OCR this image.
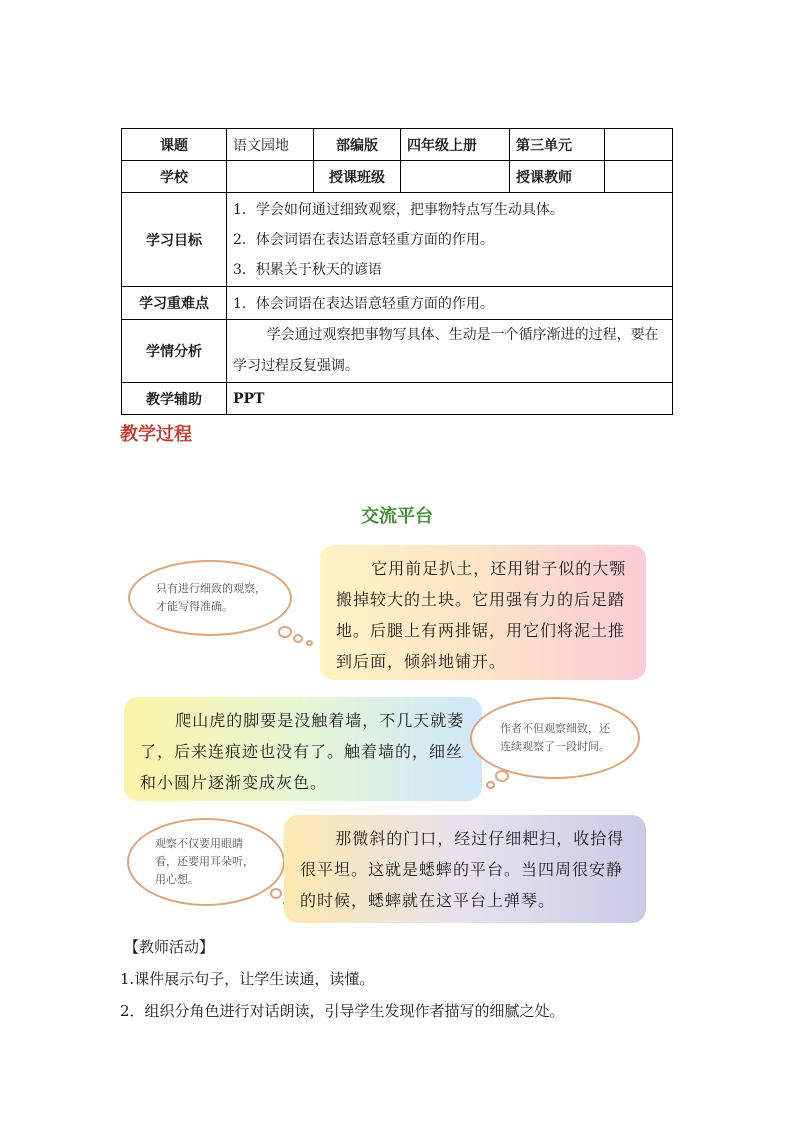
课题	语文园地	部编版	四年级上册	第三单元	
学校		授课班级		授课教师	
学习目标	1．学会如何通过细致观察，把事物特点写生动具体。
2．体会词语在表达语意轻重方面的作用。
3．积累关于秋天的谚语				

学习重难点	1．体会词语在表达语意轻重方面的作用。				
学情分析	学会通过观察把事物写具体、生动是一个循序渐进的过程，要在学习过程反复强调。				
教学辅助	PPT				
教学过程
交流平台
只有进行细致的观察，才能写得准确。

它用前足扒土，还用钳子似的大颚搬掉较大的土块。它用强有力的后足踏地。后腿上有两排锯，用它们将泥土推到后面，倾斜地铺开。

爬山虎的脚要是没触着墙，不几天就萎了，后来连痕迹也没有了。触着墙的，细丝和小圆片逐渐变成灰色。

作者不但观察细致，还连续观察了一段时间。
观察不仅要用眼睛看，还要用耳朵听，用心想。

那微斜的门口，经过仔细耙扫，收拾得很平坦。这就是蟋蟀的平台。当四周很安静的时候，蟋蟀就在这平台上弹琴。

【教师活动】
1.课件展示句子，让学生读通，读懂。
2．组织分角色进行对话朗读，引导学生发现作者描写的细腻之处。
